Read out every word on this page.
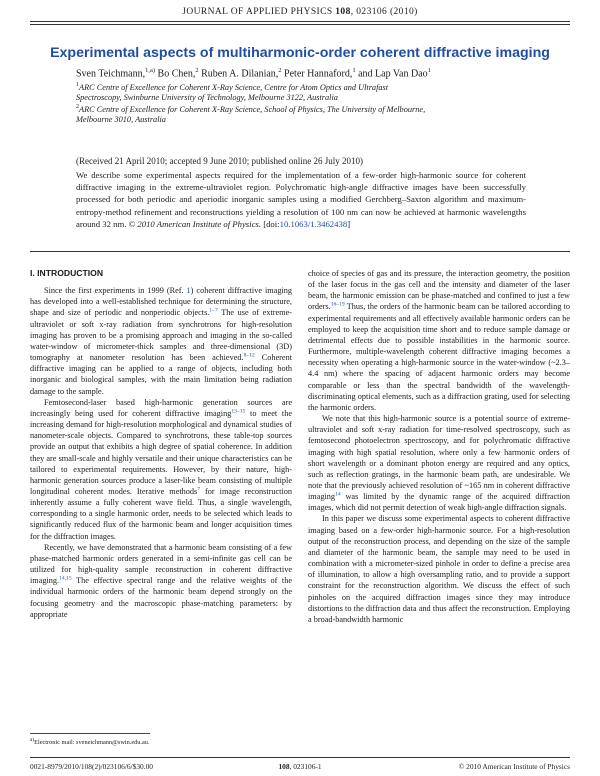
JOURNAL OF APPLIED PHYSICS 108, 023106 (2010)
Experimental aspects of multiharmonic-order coherent diffractive imaging
Sven Teichmann,$^{1,a)}$ Bo Chen,$^2$ Ruben A. Dilanian,$^2$ Peter Hannaford,$^1$ and Lap Van Dao$^1$
$^1$ARC Centre of Excellence for Coherent X-Ray Science, Centre for Atom Optics and Ultrafast
Spectroscopy, Swinburne University of Technology, Melbourne 3122, Australia
$^2$ARC Centre of Excellence for Coherent X-Ray Science, School of Physics, The University of Melbourne,
Melbourne 3010, Australia
(Received 21 April 2010; accepted 9 June 2010; published online 26 July 2010)
We describe some experimental aspects required for the implementation of a few-order high-harmonic source for coherent diffractive imaging in the extreme-ultraviolet region. Polychromatic high-angle diffractive images have been successfully processed for both periodic and aperiodic inorganic samples using a modified Gerchberg–Saxton algorithm and maximum-entropy-method refinement and reconstructions yielding a resolution of 100 nm can now be achieved at harmonic wavelengths around 32 nm. © 2010 American Institute of Physics. [doi:10.1063/1.3462438]
I. INTRODUCTION

Since the first experiments in 1999 (Ref. 1) coherent diffractive imaging has developed into a well-established technique for determining the structure, shape and size of periodic and nonperiodic objects.$^{1-7}$ The use of extreme-ultraviolet or soft x-ray radiation from synchrotrons for high-resolution imaging has proven to be a promising approach and imaging in the so-called water-window of micrometer-thick samples and three-dimensional (3D) tomography at nanometer resolution has been achieved.$^{8-12}$ Coherent diffractive imaging can be applied to a range of objects, including both inorganic and biological samples, with the main limitation being radiation damage to the sample.

Femtosecond-laser based high-harmonic generation sources are increasingly being used for coherent diffractive imaging$^{13-15}$ to meet the increasing demand for high-resolution morphological and dynamical studies of nanometer-scale objects. Compared to synchrotrons, these table-top sources provide an output that exhibits a high degree of spatial coherence. In addition they are small-scale and highly versatile and their unique characteristics can be tailored to experimental requirements. However, by their nature, high-harmonic generation sources produce a laser-like beam consisting of multiple longitudinal coherent modes. Iterative methods$^7$ for image reconstruction inherently assume a fully coherent wave field. Thus, a single wavelength, corresponding to a single harmonic order, needs to be selected which leads to significantly reduced flux of the harmonic beam and longer acquisition times for the diffraction images.

Recently, we have demonstrated that a harmonic beam consisting of a few phase-matched harmonic orders generated in a semi-infinite gas cell can be utilized for high-quality sample reconstruction in coherent diffractive imaging.$^{14,15}$ The effective spectral range and the relative weights of the individual harmonic orders of the harmonic beam depend strongly on the focusing geometry and the macroscopic phase-matching parameters: by appropriate

choice of species of gas and its pressure, the interaction geometry, the position of the laser focus in the gas cell and the intensity and diameter of the laser beam, the harmonic emission can be phase-matched and confined to just a few orders.$^{16-19}$ Thus, the orders of the harmonic beam can be tailored according to experimental requirements and all effectively available harmonic orders can be employed to keep the acquisition time short and to reduce sample damage or detrimental effects due to possible instabilities in the harmonic source. Furthermore, multiple-wavelength coherent diffractive imaging becomes a necessity when operating a high-harmonic source in the water-window (~2.3–4.4 nm) where the spacing of adjacent harmonic orders may become comparable or less than the spectral bandwidth of the wavelength-discriminating optical elements, such as a diffraction grating, used for selecting the harmonic orders.

We note that this high-harmonic source is a potential source of extreme-ultraviolet and soft x-ray radiation for time-resolved spectroscopy, such as femtosecond photoelectron spectroscopy, and for polychromatic diffractive imaging with high spatial resolution, where only a few harmonic orders of short wavelength or a dominant photon energy are required and any optics, such as reflection gratings, in the harmonic beam path, are undesirable. We note that the previously achieved resolution of ~165 nm in coherent diffractive imaging$^{14}$ was limited by the dynamic range of the acquired diffraction images, which did not permit detection of weak high-angle diffraction signals.

In this paper we discuss some experimental aspects to coherent diffractive imaging based on a few-order high-harmonic source. For a high-resolution output of the reconstruction process, and depending on the size of the sample and diameter of the harmonic beam, the sample may need to be used in combination with a micrometer-sized pinhole in order to define a precise area of illumination, to allow a high oversampling ratio, and to provide a support constraint for the reconstruction algorithm. We discuss the effect of such pinholes on the acquired diffraction images since they may introduce distortions to the diffraction data and thus affect the reconstruction. Employing a broad-bandwidth harmonic

$^{a)}$Electronic mail: sveneichmann@swin.edu.au.
0021-8979/2010/108(2)/023106/6/$30.00	108, 023106-1	© 2010 American Institute of Physics
